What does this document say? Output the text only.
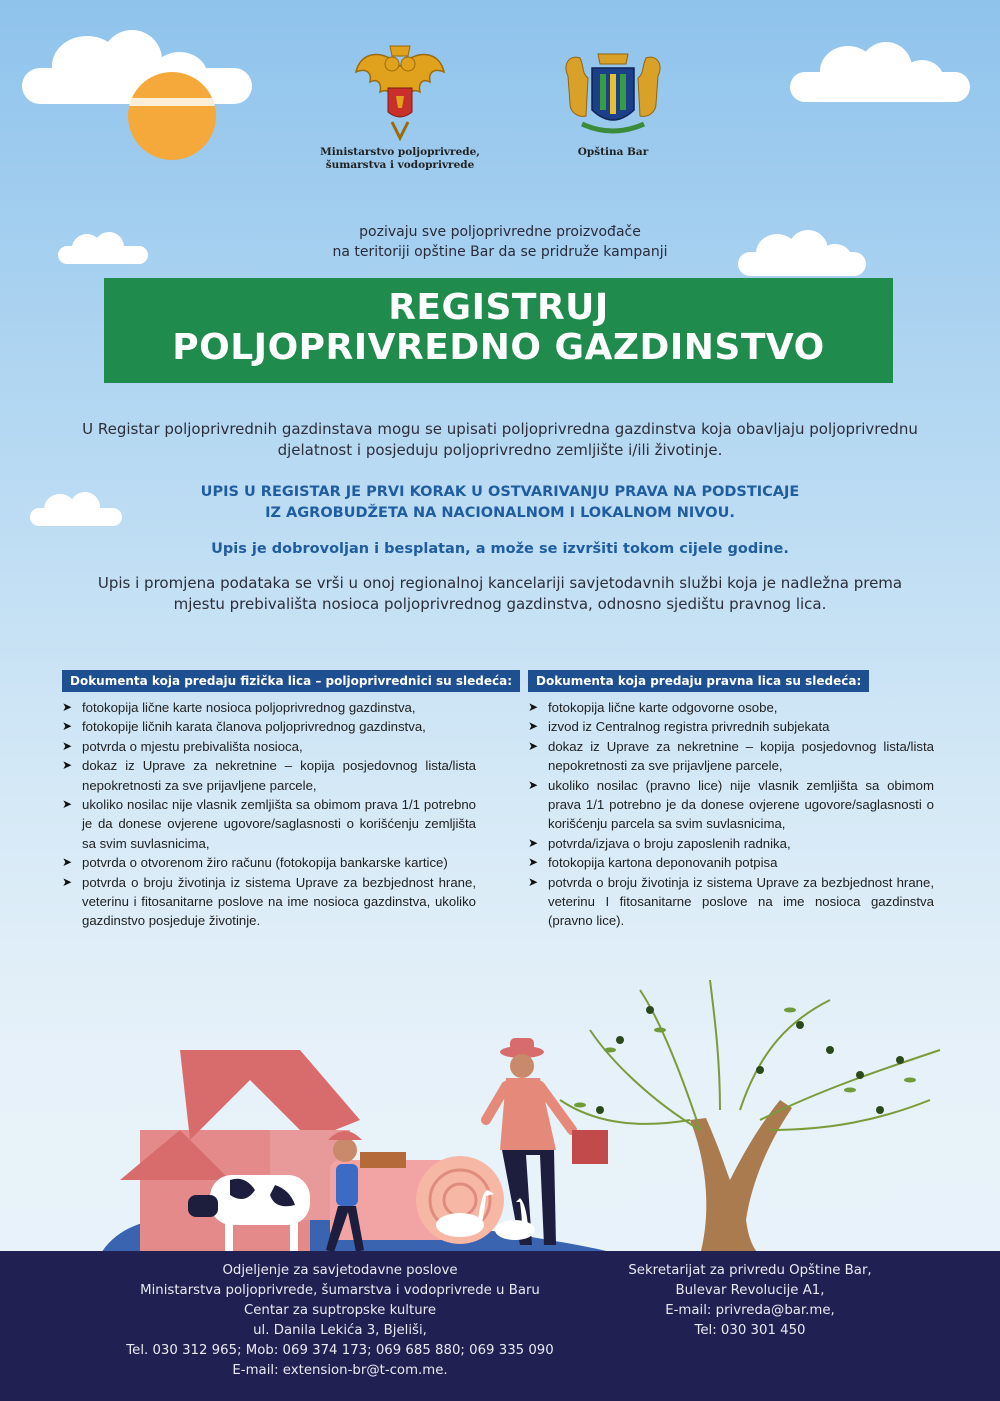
Ministarstvo poljoprivrede,
šumarstva i vodoprivrede
Opština Bar
pozivaju sve poljoprivredne proizvođače
na teritoriji opštine Bar da se pridruže kampanji
REGISTRUJ
POLJOPRIVREDNO GAZDINSTVO
U Registar poljoprivrednih gazdinstava mogu se upisati poljoprivredna gazdinstva koja obavljaju poljoprivrednu
djelatnost i posjeduju poljoprivredno zemljište i/ili životinje.
UPIS U REGISTAR JE PRVI KORAK U OSTVARIVANJU PRAVA NA PODSTICAJE
IZ AGROBUDŽETA NA NACIONALNOM I LOKALNOM NIVOU.
Upis je dobrovoljan i besplatan, a može se izvršiti tokom cijele godine.
Upis i promjena podataka se vrši u onoj regionalnoj kancelariji savjetodavnih službi koja je nadležna prema
mjestu prebivališta nosioca poljoprivrednog gazdinstva, odnosno sjedištu pravnog lica.
Dokumenta koja predaju fizička lica – poljoprivrednici su sledeća:
➤ fotokopija lične karte nosioca poljoprivrednog gazdinstva,
➤ fotokopije ličnih karata članova poljoprivrednog gazdinstva,
➤ potvrda o mjestu prebivališta nosioca,
➤ dokaz iz Uprave za nekretnine – kopija posjedovnog lista/lista nepokretnosti za sve prijavljene parcele,
➤ ukoliko nosilac nije vlasnik zemljišta sa obimom prava 1/1 potrebno je da donese ovjerene ugovore/saglasnosti o korišćenju zemljišta sa svim suvlasnicima,
➤ potvrda o otvorenom žiro računu (fotokopija bankarske kartice)
➤ potvrda o broju životinja iz sistema Uprave za bezbjednost hrane, veterinu i fitosanitarne poslove na ime nosioca gazdinstva, ukoliko gazdinstvo posjeduje životinje.
Dokumenta koja predaju pravna lica su sledeća:
➤ fotokopija lične karte odgovorne osobe,
➤ izvod iz Centralnog registra privrednih subjekata
➤ dokaz iz Uprave za nekretnine – kopija posjedovnog lista/lista nepokretnosti za sve prijavljene parcele,
➤ ukoliko nosilac (pravno lice) nije vlasnik zemljišta sa obimom prava 1/1 potrebno je da donese ovjerene ugovore/saglasnosti o korišćenju parcela sa svim suvlasnicima,
➤ potvrda/izjava o broju zaposlenih radnika,
➤ fotokopija kartona deponovanih potpisa
➤ potvrda o broju životinja iz sistema Uprave za bezbjednost hrane, veterinu I fitosanitarne poslove na ime nosioca gazdinstva (pravno lice).
Odjeljenje za savjetodavne poslove
Ministarstva poljoprivrede, šumarstva i vodoprivrede u Baru
Centar za suptropske kulture
ul. Danila Lekića 3, Bjeliši,
Tel. 030 312 965; Mob: 069 374 173; 069 685 880; 069 335 090
E-mail: extension-br@t-com.me.
Sekretarijat za privredu Opštine Bar,
Bulevar Revolucije A1,
E-mail: privreda@bar.me,
Tel: 030 301 450
